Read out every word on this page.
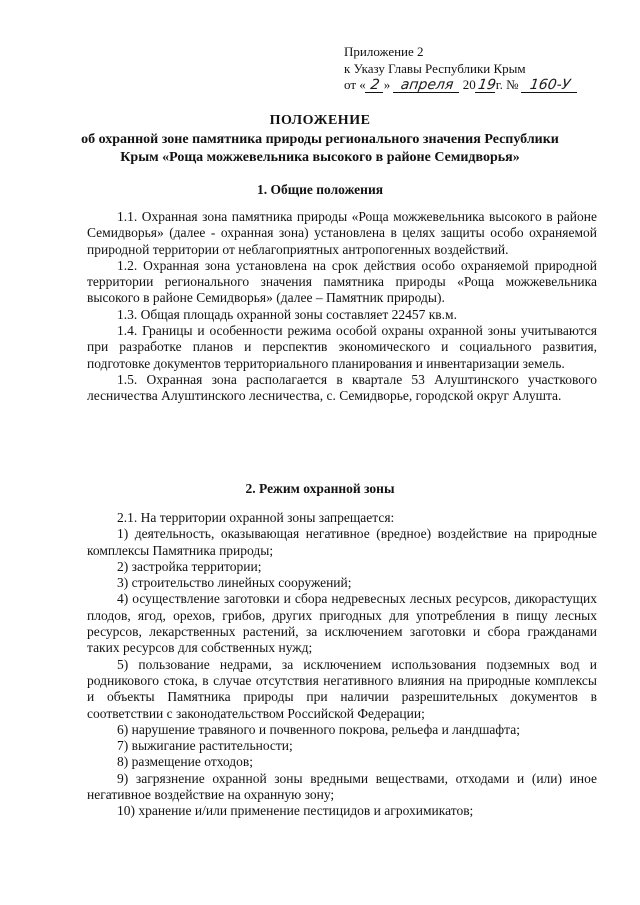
Приложение 2
к Указу Главы Республики Крым
от « 2 » апреля 2019г. № 160-У
ПОЛОЖЕНИЕ
об охранной зоне памятника природы регионального значения Республики
Крым «Роща можжевельника высокого в районе Семидворья»
1. Общие положения

1.1. Охранная зона памятника природы «Роща можжевельника высокого в районе Семидворья» (далее - охранная зона) установлена в целях защиты особо охраняемой природной территории от неблагоприятных антропогенных воздействий.

1.2. Охранная зона установлена на срок действия особо охраняемой природной территории регионального значения памятника природы «Роща можжевельника высокого в районе Семидворья» (далее – Памятник природы).

1.3. Общая площадь охранной зоны составляет 22457 кв.м.

1.4. Границы и особенности режима особой охраны охранной зоны учитываются при разработке планов и перспектив экономического и социального развития, подготовке документов территориального планирования и инвентаризации земель.

1.5. Охранная зона располагается в квартале 53 Алуштинского участкового лесничества Алуштинского лесничества, с. Семидворье, городской округ Алушта.

2. Режим охранной зоны

2.1. На территории охранной зоны запрещается:

1) деятельность, оказывающая негативное (вредное) воздействие на природные комплексы Памятника природы;

2) застройка территории;

3) строительство линейных сооружений;

4) осуществление заготовки и сбора недревесных лесных ресурсов, дикорастущих плодов, ягод, орехов, грибов, других пригодных для употребления в пищу лесных ресурсов, лекарственных растений, за исключением заготовки и сбора гражданами таких ресурсов для собственных нужд;

5) пользование недрами, за исключением использования подземных вод и родникового стока, в случае отсутствия негативного влияния на природные комплексы и объекты Памятника природы при наличии разрешительных документов в соответствии с законодательством Российской Федерации;

6) нарушение травяного и почвенного покрова, рельефа и ландшафта;

7) выжигание растительности;

8) размещение отходов;

9) загрязнение охранной зоны вредными веществами, отходами и (или) иное негативное воздействие на охранную зону;

10) хранение и/или применение пестицидов и агрохимикатов;
